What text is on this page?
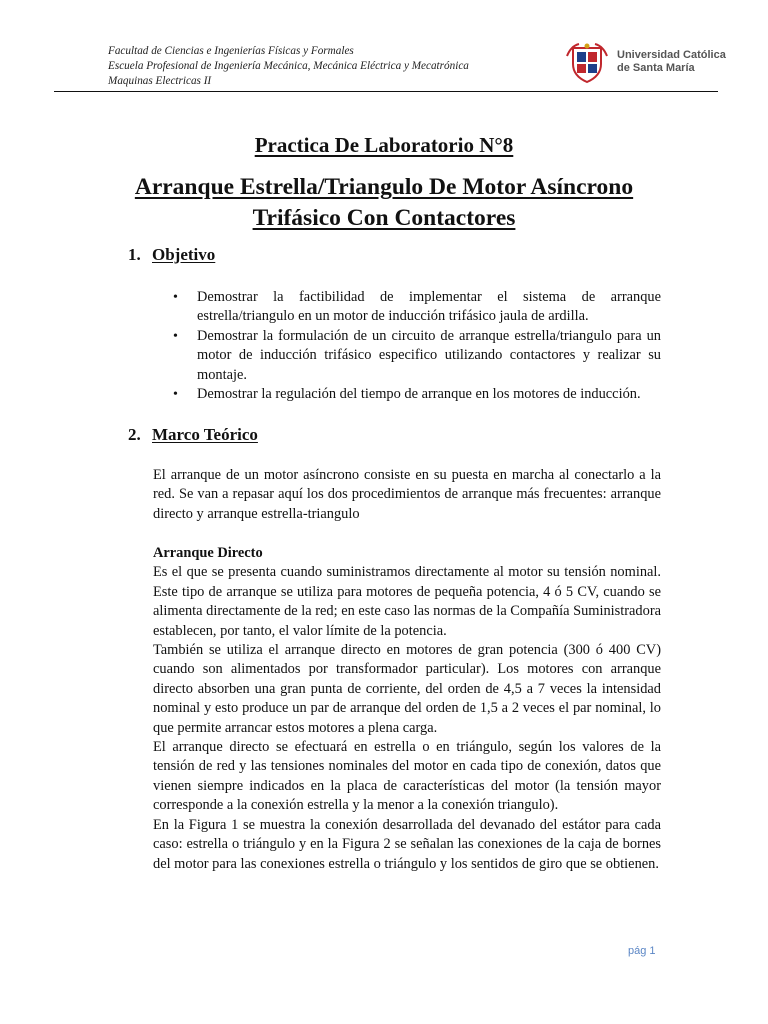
Facultad de Ciencias e Ingenierías Físicas y Formales
Escuela Profesional de Ingeniería Mecánica, Mecánica Eléctrica y Mecatrónica
Maquinas Electricas II
Universidad Católica
de Santa María
Practica De Laboratorio N°8
Arranque Estrella/Triangulo De Motor Asíncrono
Trifásico Con Contactores
1. Objetivo
• Demostrar la factibilidad de implementar el sistema de arranque estrella/triangulo en un motor de inducción trifásico jaula de ardilla.
• Demostrar la formulación de un circuito de arranque estrella/triangulo para un motor de inducción trifásico especifico utilizando contactores y realizar su montaje.
• Demostrar la regulación del tiempo de arranque en los motores de inducción.
2. Marco Teórico

El arranque de un motor asíncrono consiste en su puesta en marcha al conectarlo a la red. Se van a repasar aquí los dos procedimientos de arranque más frecuentes: arranque directo y arranque estrella-triangulo

Arranque Directo

Es el que se presenta cuando suministramos directamente al motor su tensión nominal. Este tipo de arranque se utiliza para motores de pequeña potencia, 4 ó 5 CV, cuando se alimenta directamente de la red; en este caso las normas de la Compañía Suministradora establecen, por tanto, el valor límite de la potencia.

También se utiliza el arranque directo en motores de gran potencia (300 ó 400 CV) cuando son alimentados por transformador particular). Los motores con arranque directo absorben una gran punta de corriente, del orden de 4,5 a 7 veces la intensidad nominal y esto produce un par de arranque del orden de 1,5 a 2 veces el par nominal, lo que permite arrancar estos motores a plena carga.

El arranque directo se efectuará en estrella o en triángulo, según los valores de la tensión de red y las tensiones nominales del motor en cada tipo de conexión, datos que vienen siempre indicados en la placa de características del motor (la tensión mayor corresponde a la conexión estrella y la menor a la conexión triangulo).

En la Figura 1 se muestra la conexión desarrollada del devanado del estátor para cada caso: estrella o triángulo y en la Figura 2 se señalan las conexiones de la caja de bornes del motor para las conexiones estrella o triángulo y los sentidos de giro que se obtienen.

pág 1
